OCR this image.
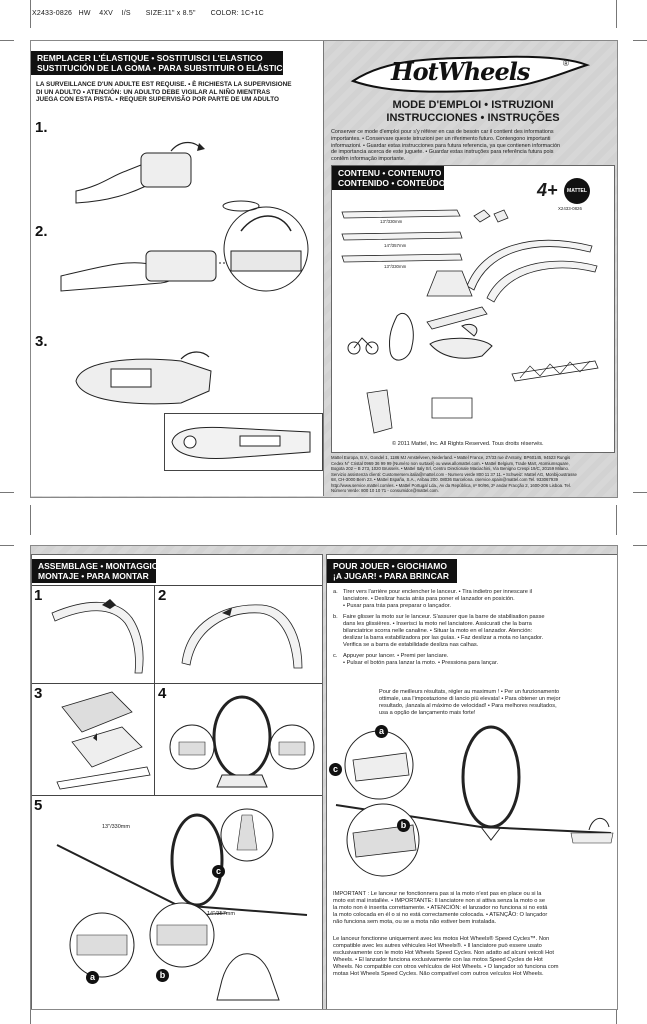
X2433-0826   HW    4XV    I/S       SIZE:11" x 8.5"       COLOR: 1C+1C
REMPLACER L'ÉLASTIQUE • SOSTITUISCI L'ELASTICO
SUSTITUCIÓN DE LA GOMA • PARA SUBSTITUIR O ELÁSTICO
LA SURVEILLANCE D'UN ADULTE EST REQUISE. • È RICHIESTA LA SUPERVISIONE
DI UN ADULTO • ATENCIÓN: UN ADULTO DEBE VIGILAR AL NIÑO MIENTRAS
JUEGA CON ESTA PISTA. • REQUER SUPERVISÃO POR PARTE DE UM ADULTO
1.
2.
3.
HotWheels	®
MODE D'EMPLOI • ISTRUZIONI
INSTRUCCIONES • INSTRUÇÕES
Conserver ce mode d'emploi pour s'y référer en cas de besoin car il contient des informations
importantes. • Conservare queste istruzioni per un riferimento futuro. Contengono importanti
informazioni. • Guardar estas instrucciones para futura referencia, ya que contienen información
de importancia acerca de este juguete. • Guardar estas instruções para referência futura pois
contêm informação importante.
CONTENU • CONTENUTO
CONTENIDO • CONTEÚDO	4+	MATTEL
X2433-0826
13"/330mm
14"/357mm
13"/330mm
© 2011 Mattel, Inc. All Rights Reserved. Tous droits réservés.
Mattel Europa, B.V., Gondel 1, 1186 MJ Amstelveen, Nederland. • Mattel France, 27/33 rue d'Antony, BP60145, 94523 Rungis
Cedex N° Cristal 0969 36 99 99 (Numéro non surtaxé) ou www.allomattel.com. • Mattel Belgium, Trade Mart, Atomiumsquare,
Bogota 202 – B 273, 1020 Brussels. • Mattel Italy Srl, Centro Direzionale Maciachini, Via Benigno Crespi 19/C, 20159 Milano.
Servizio assistenza clienti: Customerserv.italia@mattel.com - Numero verde 800 11 37 11. • Schweiz: Mattel AG, Monbijoustrasse
68, CH-3000 Bern 23. • Mattel España, S.A., Aribau 200. 08036 Barcelona. cservice.spain@mattel.com Tel. 933067939
http://www.service.mattel.com/es. • Mattel Portugal Lda., Av da República, nº 90/96, 2º andar Fracção 2, 1600-206 Lisboa. Tel.
Número Verde: 800 10 10 71 - consumidor@mattel.com.
ASSEMBLAGE • MONTAGGIO
MONTAJE • PARA MONTAR
1	2
3	4
5
13"/330mm
14"/357mm
a	b
c
POUR JOUER • GIOCHIAMO
¡A JUGAR! • PARA BRINCAR
a. Tirer vers l'arrière pour enclencher le lanceur. • Tira indietro per innescare il
lanciatore. • Deslizar hacia atrás para poner el lanzador en posición.
• Puxar para trás para preparar o lançador.
b. Faire glisser la moto sur le lanceur. S'assurer que la barre de stabilisation passe
dans les glissières. • Inserisci la moto nel lanciatore. Assicurati che la barra
bilanciatrice scorra nelle canaline. • Situar la moto en el lanzador. Atención:
deslizar la barra estabilizadora por las guías. • Faz deslizar a mota no lançador.
Verifica se a barra de estabilidade desliza nas calhas.
c. Appuyer pour lancer. • Premi per lanciare.
• Pulsar el botón para lanzar la moto. • Pressiona para lançar.
Pour de meilleurs résultats, régler au maximum ! • Per un funzionamento
ottimale, usa l'impostazione di lancio più elevata! • Para obtener un mejor
resultado, ¡lanzala al máximo de velocidad! • Para melhores resultados,
usa a opção de lançamento mais forte!
a
b
c
IMPORTANT : Le lanceur ne fonctionnera pas si la moto n'est pas en place ou si la
moto est mal installée. • IMPORTANTE: Il lanciatore non si attiva senza la moto o se
la moto non è inserita correttamente. • ATENCIÓN: el lanzador no funciona si no está
la moto colocada en él o si no está correctamente colocada. • ATENÇÃO: O lançador
não funciona sem mota, ou se a mota não estiver bem instalada.
Le lanceur fonctionne uniquement avec les motos Hot Wheels® Speed Cycles™. Non
compatible avec les autres véhicules Hot Wheels®. • Il lanciatore può essere usato
esclusivamente con le moto Hot Wheels Speed Cycles. Non adatto ad alcuni veicoli Hot
Wheels. • El lanzador funciona exclusivamente con las motos Speed Cycles de Hot
Wheels. No compatible con otros vehículos de Hot Wheels. • O lançador só funciona com
motas Hot Wheels Speed Cycles. Não compatível com outros veículos Hot Wheels.
